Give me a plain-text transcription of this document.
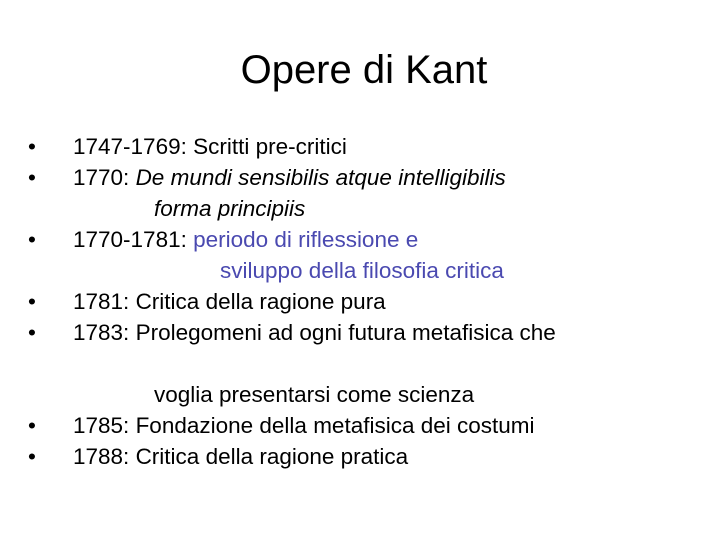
Opere di Kant
•	1747-1769: Scritti pre-critici
•	1770: De mundi sensibilis atque intelligibilis
forma principiis
•	1770-1781: periodo di riflessione e
sviluppo della filosofia critica
•	1781: Critica della ragione pura
•	1783: Prolegomeni ad ogni futura metafisica che
voglia presentarsi come scienza
•	1785: Fondazione della metafisica dei costumi
•	1788: Critica della ragione pratica
